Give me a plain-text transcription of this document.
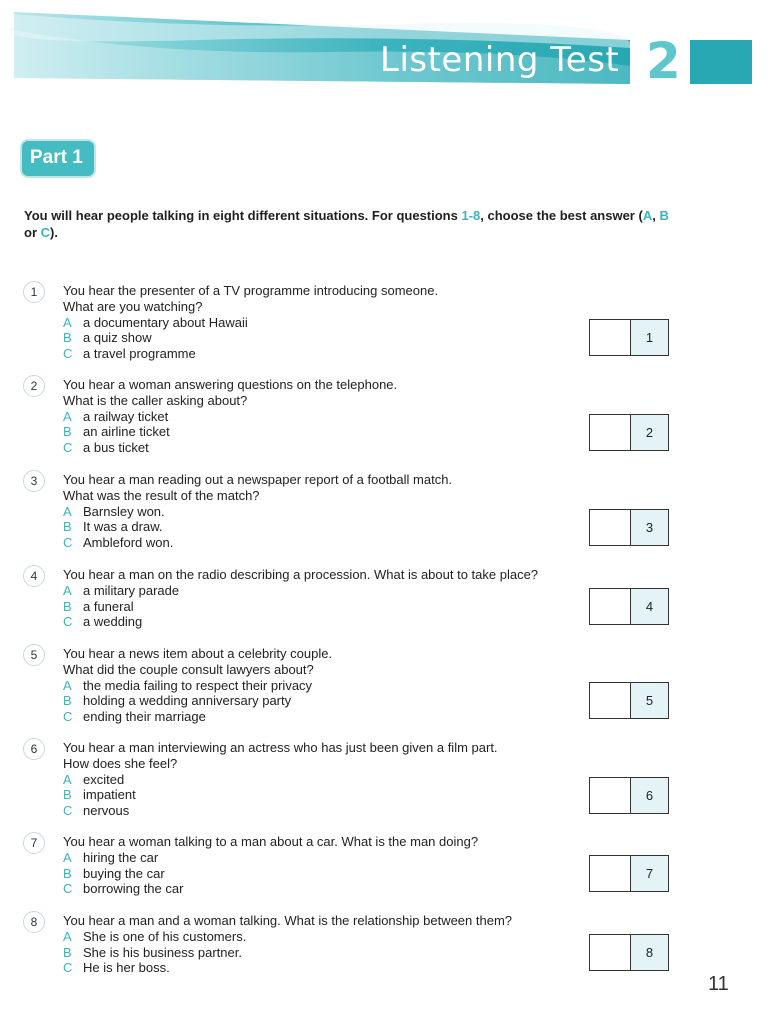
Listening Test 2
Part 1
You will hear people talking in eight different situations. For questions 1-8, choose the best answer (A, B or C).
1	You hear the presenter of a TV programme introducing someone.
What are you watching?
A a documentary about Hawaii
B a quiz show
C a travel programme
1
2	You hear a woman answering questions on the telephone.
What is the caller asking about?
A a railway ticket
B an airline ticket
C a bus ticket
2
3	You hear a man reading out a newspaper report of a football match.
What was the result of the match?
A Barnsley won.
B It was a draw.
C Ambleford won.
3
4	You hear a man on the radio describing a procession. What is about to take place?
A a military parade
B a funeral
C a wedding
4
5	You hear a news item about a celebrity couple.
What did the couple consult lawyers about?
A the media failing to respect their privacy
B holding a wedding anniversary party
C ending their marriage
5
6	You hear a man interviewing an actress who has just been given a film part.
How does she feel?
A excited
B impatient
C nervous
6
7	You hear a woman talking to a man about a car. What is the man doing?
A hiring the car
B buying the car
C borrowing the car
7
8	You hear a man and a woman talking. What is the relationship between them?
A She is one of his customers.
B She is his business partner.
C He is her boss.
8
11
